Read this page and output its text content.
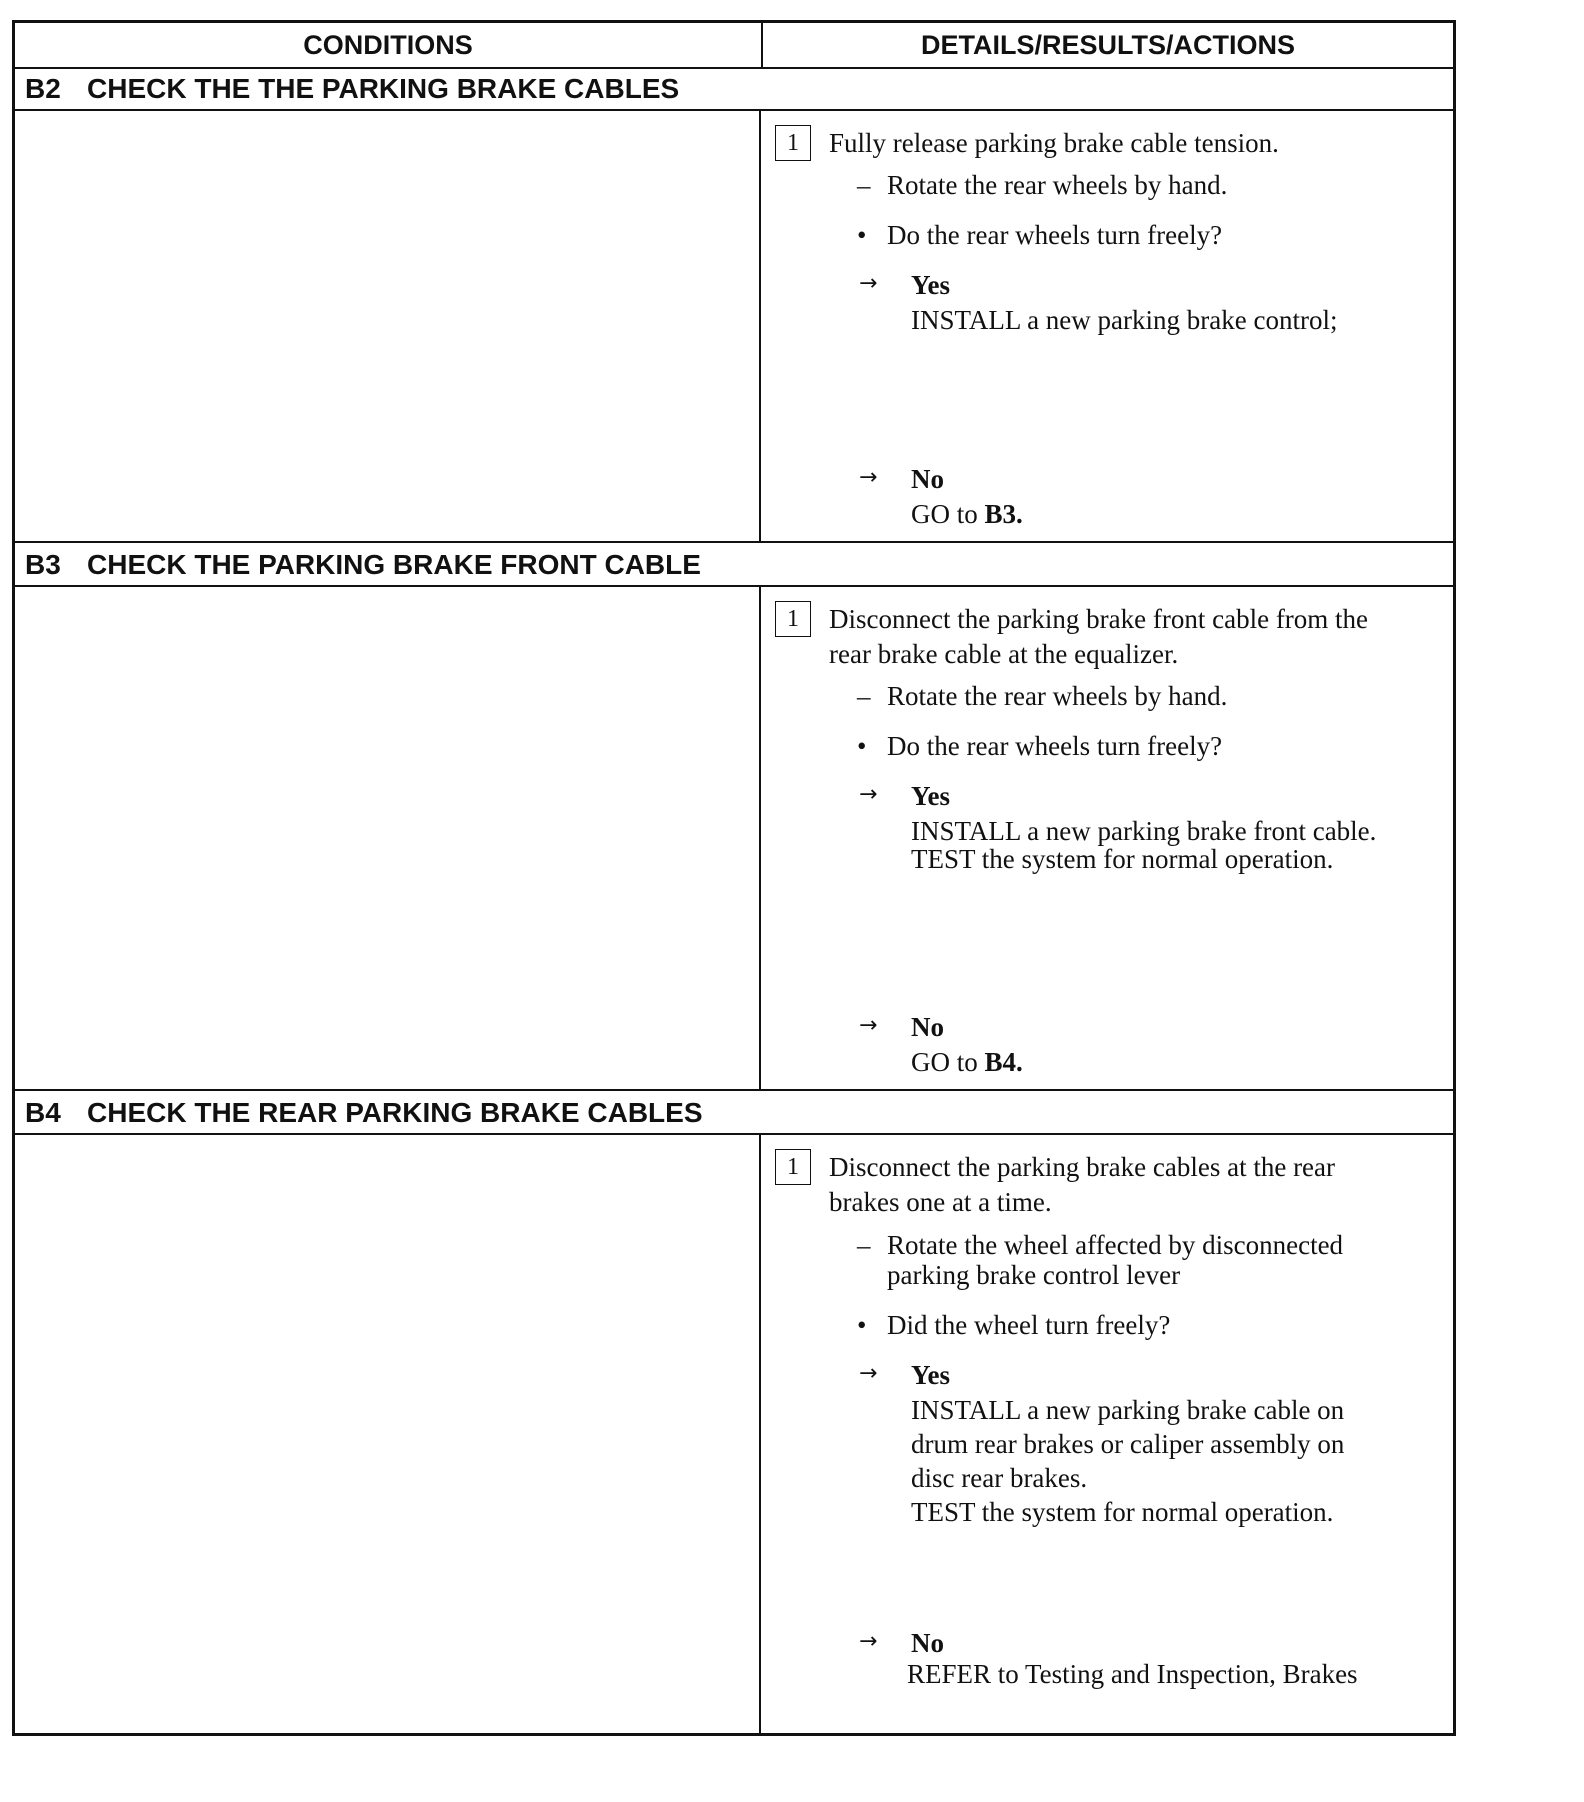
CONDITIONS	DETAILS/RESULTS/ACTIONS
B2 CHECK THE THE PARKING BRAKE CABLES
1	Fully release parking brake cable tension.
– Rotate the rear wheels by hand.
• Do the rear wheels turn freely?
→ Yes
INSTALL a new parking brake control;
→ No
GO to B3.
B3 CHECK THE PARKING BRAKE FRONT CABLE
1	Disconnect the parking brake front cable from the
rear brake cable at the equalizer.
– Rotate the rear wheels by hand.
• Do the rear wheels turn freely?
→ Yes
INSTALL a new parking brake front cable.
TEST the system for normal operation.
→ No
GO to B4.
B4 CHECK THE REAR PARKING BRAKE CABLES
1	Disconnect the parking brake cables at the rear
brakes one at a time.
– Rotate the wheel affected by disconnected
parking brake control lever
• Did the wheel turn freely?
→ Yes
INSTALL a new parking brake cable on
drum rear brakes or caliper assembly on
disc rear brakes.
TEST the system for normal operation.
→ No
REFER to Testing and Inspection, Brakes
